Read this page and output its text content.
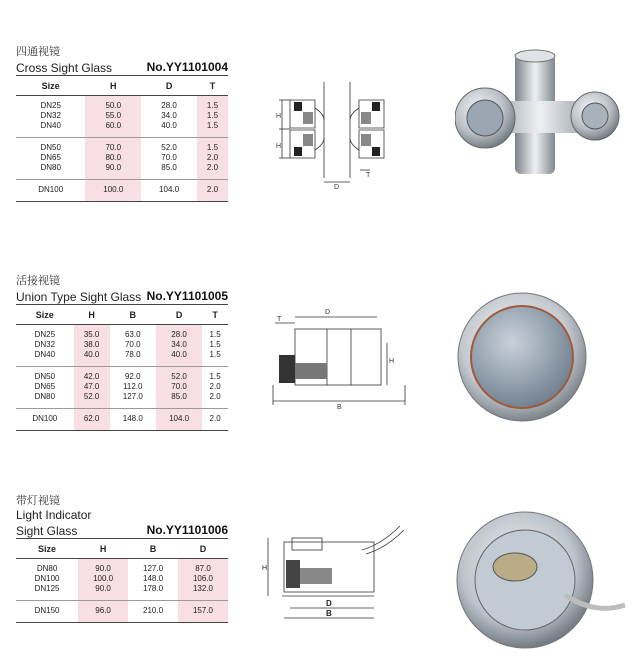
四通视镜
Cross Sight Glass	No.YY1101004
Size	H	D	T

DN25	50.0	28.0	1.5
DN32	55.0	34.0	1.5
DN40	60.0	40.0	1.5

DN50	70.0	52.0	1.5
DN65	80.0	70.0	2.0
DN80	90.0	85.0	2.0

DN100	100.0	104.0	2.0

活接视镜
Union Type Sight Glass No.YY1101005
Size	H	B	D	T

DN25	35.0	63.0	28.0	1.5
DN32	38.0	70.0	34.0	1.5
DN40	40.0	78.0	40.0	1.5

DN50	42.0	92.0	52.0	1.5
DN65	47.0	112.0	70.0	2.0
DN80	52.0	127.0	85.0	2.0

DN100	62.0	148.0	104.0	2.0

带灯视镜
Light Indicator
Sight Glass	No.YY1101006
Size	H	B	D

DN80	90.0	127.0	87.0
DN100	100.0	148.0	106.0
DN125	90.0	178.0	132.0

DN150	96.0	210.0	157.0

H
H
D
T
D
T
H
B
H
D
B
